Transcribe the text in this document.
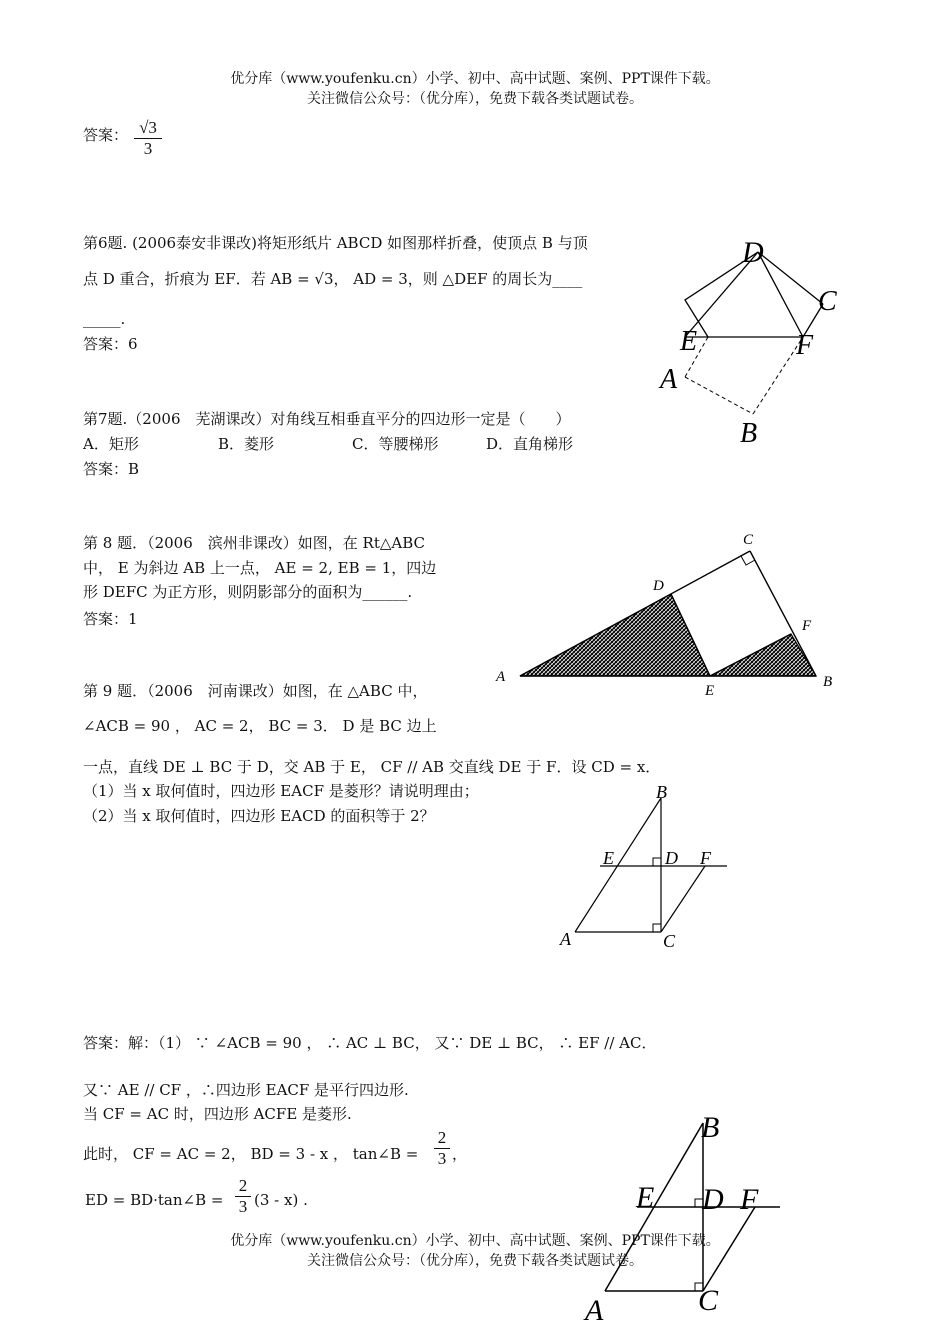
优分库（www.youfenku.cn）小学、初中、高中试题、案例、PPT课件下载。
关注微信公众号：（优分库），免费下载各类试题试卷。
答案： $\frac{√3}{3}$
第6题. (2006泰安非课改)将矩形纸片 ABCD 如图那样折叠，使顶点 B 与顶
点 D 重合，折痕为 EF．若 AB = √3， AD = 3，则 △DEF 的周长为____
_____.
答案：6
D
C
E	F
A
B
第7题.（2006　芜湖课改）对角线互相垂直平分的四边形一定是（　　）
A．矩形	B．菱形	C．等腰梯形	D．直角梯形
答案：B
第 8 题．（2006　滨州非课改）如图，在 Rt△ABC
中， E 为斜边 AB 上一点， AE = 2, EB = 1，四边
形 DEFC 为正方形，则阴影部分的面积为______.
答案：1
A	B
C
D
E
F
第 9 题．（2006　河南课改）如图，在 △ABC 中，
∠ACB = 90 ， AC = 2， BC = 3． D 是 BC 边上
一点，直线 DE ⊥ BC 于 D，交 AB 于 E， CF // AB 交直线 DE 于 F．设 CD = x．
（1）当 x 取何值时，四边形 EACF 是菱形？请说明理由；
（2）当 x 取何值时，四边形 EACD 的面积等于 2？
B
E	D F
A	C
答案：解：（1） ∵ ∠ACB = 90 ， ∴ AC ⊥ BC， 又∵ DE ⊥ BC， ∴ EF // AC．
又∵ AE // CF ，∴四边形 EACF 是平行四边形.
当 CF = AC 时，四边形 ACFE 是菱形.
此时， CF = AC = 2， BD = 3 - x ， tan∠B = $\frac{2}{3}$ ，
ED = BD·tan∠B = $\frac{2}{3} (3 - x)$ .
B
E D F
A	C
优分库（www.youfenku.cn）小学、初中、高中试题、案例、PPT课件下载。
关注微信公众号：（优分库），免费下载各类试题试卷。
